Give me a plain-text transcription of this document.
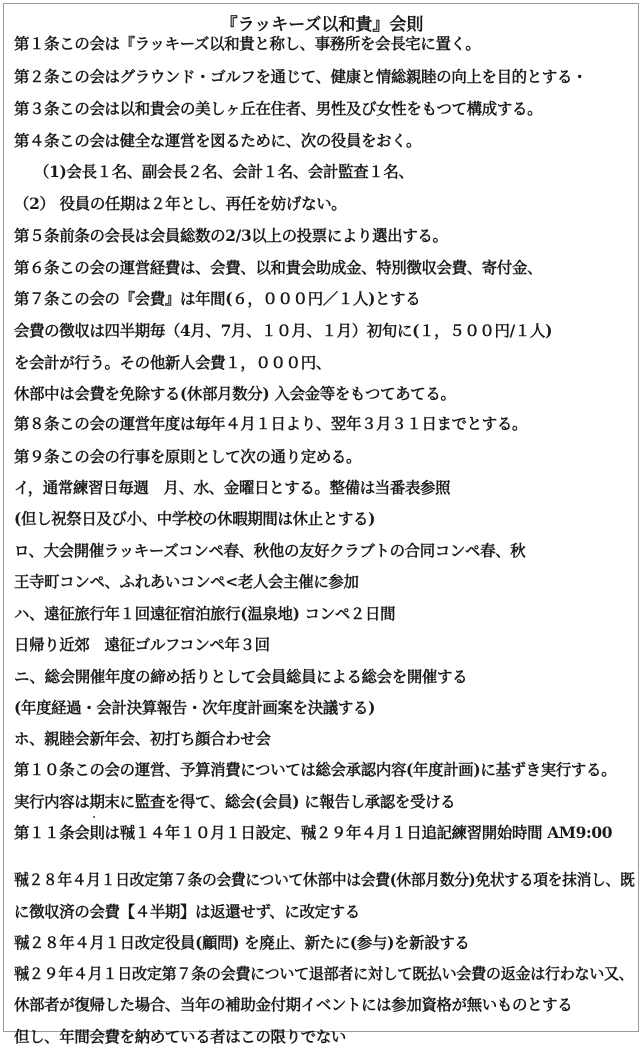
『ラッキーズ以和貴』会則
第１条この会は『ラッキーズ以和貴と称し、事務所を会長宅に置く。
第２条この会はグラウンド・ゴルフを通じて、健康と情総親睦の向上を目的とする・
第３条この会は以和貴会の美しヶ丘在住者、男性及び女性をもつて構成する。
第４条この会は健全な運営を図るために、次の役員をおく。
（1)会長１名、副会長２名、会計１名、会計監査１名、
（2） 役員の任期は２年とし、再任を妨げない。
第５条前条の会長は会員総数の2/3以上の投票により選出する。
第６条この会の運営経費は、会費、以和貴会助成金、特別徴収会費、寄付金、
第７条この会の『会費』は年間(６，０００円／１人)とする
会費の徴収は四半期毎（4月、7月、１０月、１月）初旬に(１，５００円/１人)
を会計が行う。その他新人会費１，０００円、
休部中は会費を免除する(休部月数分) 入会金等をもつてあてる。
第８条この会の運営年度は毎年４月１日より、翌年３月３１日までとする。
第９条この会の行事を原則として次の通り定める。
イ，通常練習日毎週　月、水、金曜日とする。整備は当番表参照
(但し祝祭日及び小、中学校の休暇期間は休止とする)
ロ、大会開催ラッキーズコンペ春、秋他の友好クラブトの合同コンペ春、秋
王寺町コンペ、ふれあいコンペ<老人会主催に参加
ハ、遠征旅行年１回遠征宿泊旅行(温泉地) コンペ２日間
日帰り近郊　遠征ゴルフコンペ年３回
ニ、総会開催年度の締め括りとして会員総員による総会を開催する
(年度経過・会計決算報告・次年度計画案を決議する)
ホ、親睦会新年会、初打ち顔合わせ会
第１０条この会の運営、予算消費については総会承認内容(年度計画)に基ずき実行する。
実行内容は期末に監査を得て、総会(会員) に報告し承認を受ける
第１１条会則は㍻１４年１０月１日設定、㍻２９年４月１日追記練習開始時間 AM9:00
㍻２８年４月１日改定第７条の会費について休部中は会費(休部月数分)免状する項を抹消し、既
に徴収済の会費【４半期】は返還せず、に改定する
㍻２８年４月１日改定役員(顧問) を廃止、新たに(参与)を新設する
㍻２９年４月１日改定第７条の会費について退部者に対して既払い会費の返金は行わない又、
休部者が復帰した場合、当年の補助金付期イベントには参加資格が無いものとする
但し、年間会費を納めている者はこの限りでない
